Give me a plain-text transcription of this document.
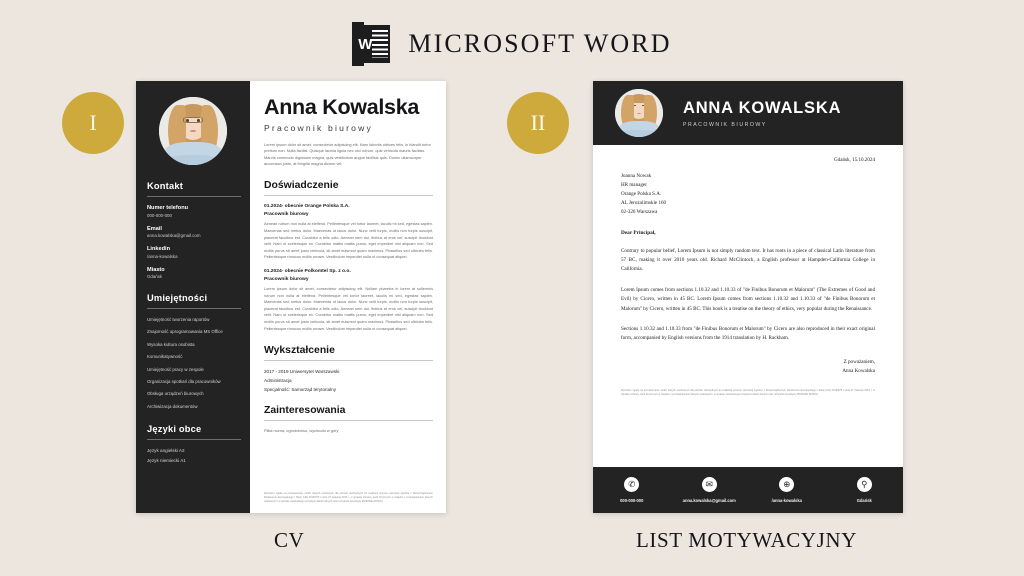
W MICROSOFT WORD
I	II
Kontakt
Numer telefonu
000-000-000
Email
anna.kowalska@gmail.com
Linkedin
/anna-kowalska
Miasto
Gdańsk
Umiejętności
Umiejętność tworzenia raportów
Znajomość oprogramowania MS Office
Wysoka kultura osobista
Komunikatywność
Umiejętność pracy w zespole
Organizacja spotkań dla pracowników
Obsługa urządzeń biurowych
Archiwizacja dokumentów
Języki obce
Język angielski A2
Język niemiecki A1
Anna Kowalska
Pracownik biurowy
Lorem ipsum dolor sit amet, consectetur adipiscing elit. Nam lobortis ultrices felis, in blandit tortor pretium non. Nulla facilisi. Quisque lacinia ligula nec orci rutrum, quis vehicula mauris facilisis. Mauris commodo dignissim magna, quis vestibulum augue facilisis quis. Donec ullamcorper accumsan justo, at fringilla magna dictum vel.
Doświadczenie
01.2024- obecnie Orange Polska S.A.
Pracownik biurowy
Aenean rutrum non nulla at eleifend. Pellentesque vel tortor laoreet, iaculis mi sed, egestas sapien. Maecenas sed metus dolor. Maecenas ut lacus dolor. Nunc velit turpis, mollis non turpis suscipit, placerat faucibus est. Curabitur a felis odio. Aenean sem dui, finibus at eros vel, suscipit tincidunt velit. Nam ut scelerisque ex. Curabitur mattis mattis purus, eget imperdiet nisl aliquam non. Sed mollis purus sit amet justo vehicula, sit amet euismod quam maximus. Phasellus sed ultricies felis. Pellentesque rhoncus mollis ornare. Vestibulum imperdiet nulla ut consequat aliquet.
01.2024- obecnie Polkomtel Sp. z o.o.
Pracownik biurowy
Lorem ipsum dolor sit amet, consectetur adipiscing elit. Nullam pharetra in lorem at sollemnis rutrum non nulla at eleifend. Pellentesque vel tortor laoreet, iaculis mi sed, egestas sapien. Maecenas sed metus dolor. Maecenas ut lacus dolor. Nunc velit turpis, mollis non turpis suscipit, placerat faucibus est. Curabitur a felis odio. Aenean sem dui, finibus at eros vel, suscipit tincidunt velit. Nam ut scelerisque ex. Curabitur mattis mattis purus, eget imperdiet nisl aliquam non. Sed mollis purus sit amet justo vehicula, sit amet euismod quam maximus. Phasellus sed ultricies felis. Pellentesque rhoncus mollis ornare. Vestibulum imperdiet nulla ut consequat aliquet.
Wykształcenie
2017 - 2019 Uniwersytet Warszawski
Administracja
Specjalność: Samorząd terytorialny
Zainteresowania
Piłka nożna, ogrodnictwo, wycieczki w góry
Wyrażam zgodę na przetwarzanie moich danych osobowych dla potrzeb niezbędnych do realizacji procesu rekrutacji zgodnie z Rozporządzeniem Parlamentu Europejskiego i Rady (UE) 2016/679 z dnia 27 kwietnia 2016 r. w sprawie ochrony osób fizycznych w związku z przetwarzaniem danych osobowych i w sprawie swobodnego przepływu takich danych oraz uchylenia dyrektywy 95/46/WE (RODO).
ANNA KOWALSKA
PRACOWNIK BIUROWY
Gdańsk, 15.10.2024
Joanna Nowak
HR manager
Orange Polska S.A.
AL Jerozolimskie 160
02-326 Warszawa
Dear Principal,
Contrary to popular belief, Lorem Ipsum is not simply random text. It has roots in a piece of classical Latin literature from 57 BC, making it over 2010 years old. Richard McClintock, a English professor at Hampden-California College in California.
Lorem Ipsum comes from sections 1.10.32 and 1.10.33 of "de Finibus Bonorum et Malorum" (The Extremes of Good and Evil) by Cicero, written in 45 BC. Lorem Ipsum comes from sections 1.10.32 and 1.10.33 of "de Finibus Bonorum et Malorum" by Cicero, written in 45 BC. This book is a treatise on the theory of ethics, very popular during the Renaissance.
Sections 1.10.32 and 1.10.33 from "de Finibus Bonorum et Malorum" by Cicero are also reproduced in their exact original form, accompanied by English versions from the 1914 translation by H. Rackham.
Z poważaniem,
Anna Kowalska
Wyrażam zgodę na przetwarzanie moich danych osobowych dla potrzeb niezbędnych do realizacji procesu rekrutacji zgodnie z Rozporządzeniem Parlamentu Europejskiego i Rady (UE) 2016/679 z dnia 27 kwietnia 2016 r. w sprawie ochrony osób fizycznych w związku z przetwarzaniem danych osobowych i w sprawie swobodnego przepływu takich danych oraz uchylenia dyrektywy 95/46/WE (RODO).
✆
000-000-000
✉
anna.kowalska@gmail.com
⊕
/anna-kowalska
⚲
Gdańsk
CV	LIST MOTYWACYJNY
